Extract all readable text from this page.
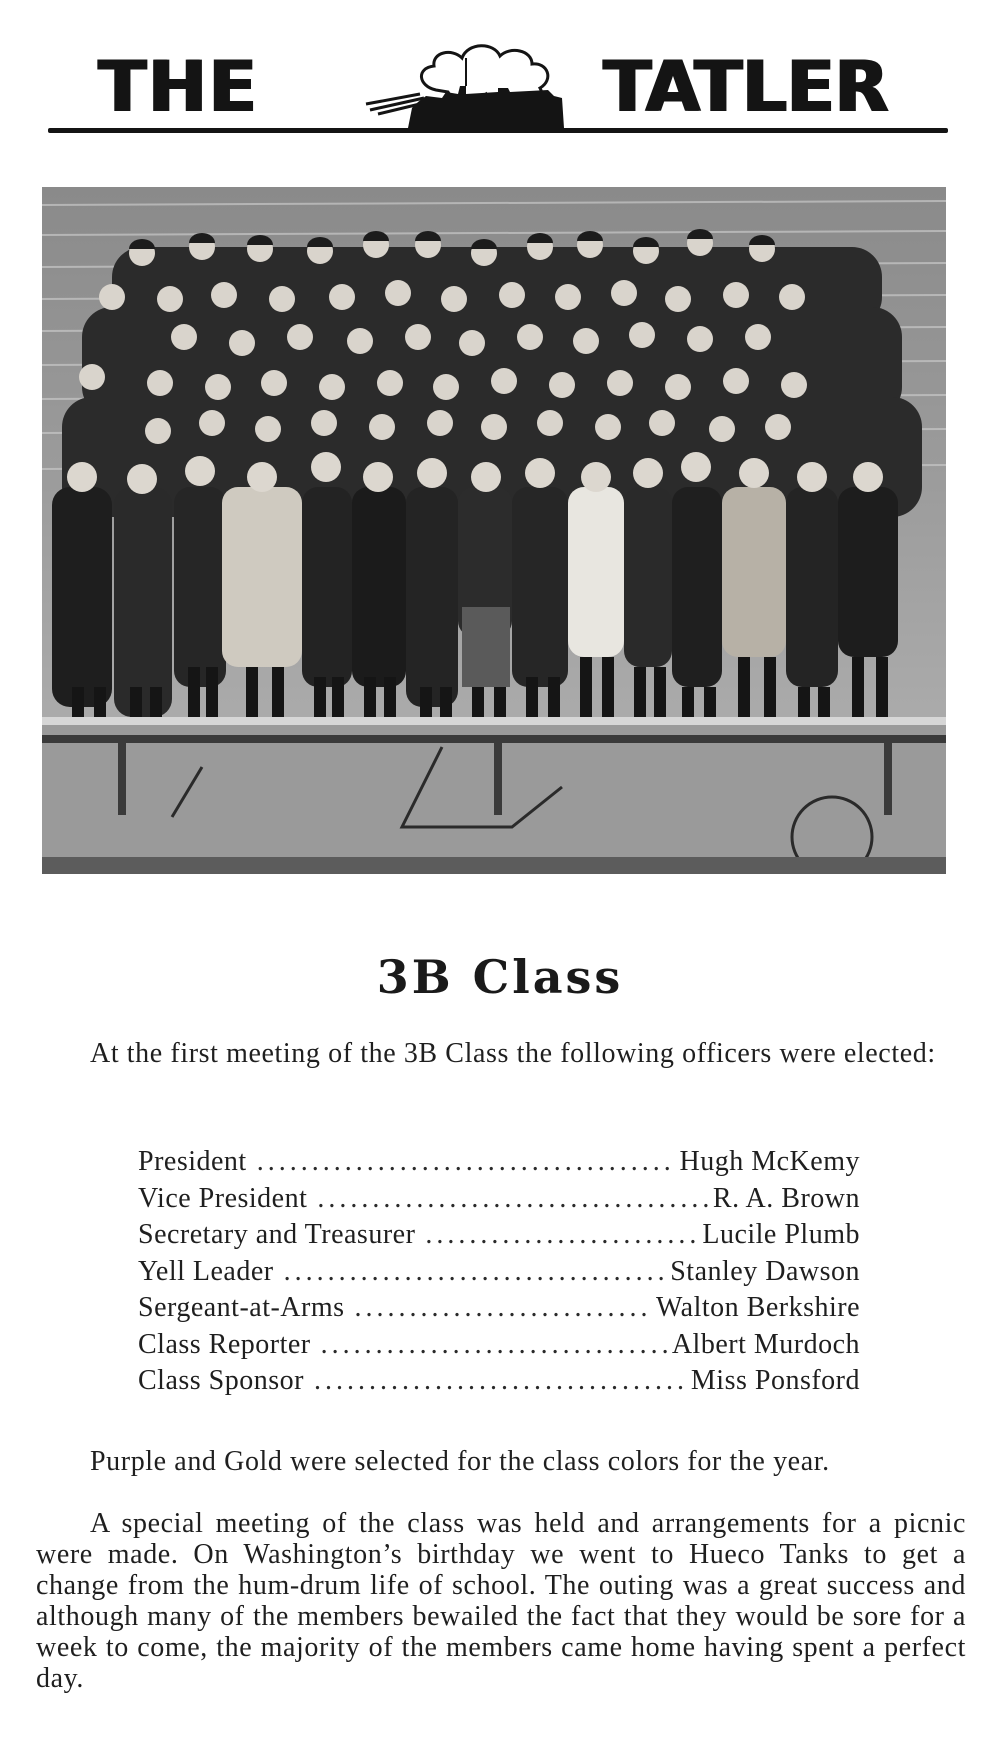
THE	TATLER
3B Class
At the first meeting of the 3B Class the following officers were elected:
President .....	Hugh McKemy
Vice President .....	R. A. Brown
Secretary and Treasurer .....	Lucile Plumb
Yell Leader .....	Stanley Dawson
Sergeant-at-Arms .....	Walton Berkshire
Class Reporter .....	Albert Murdoch
Class Sponsor .....	Miss Ponsford
Purple and Gold were selected for the class colors for the year.
A special meeting of the class was held and arrangements for a picnic were made. On Washington’s birthday we went to Hueco Tanks to get a change from the hum-drum life of school. The outing was a great success and although many of the members bewailed the fact that they would be sore for a week to come, the majority of the members came home having spent a perfect day.
